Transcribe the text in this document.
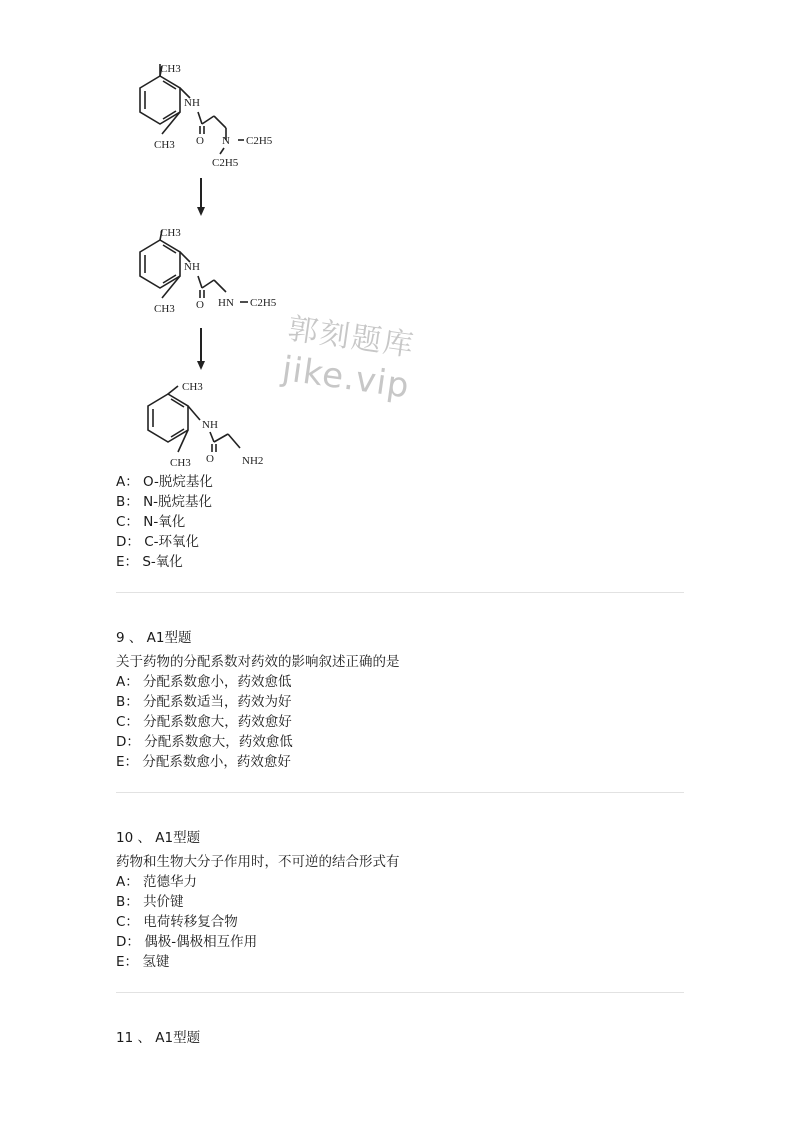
CH3
NH
O
CH3	N C2H5
C2H5
CH3
NH
O
CH3	HN C2H5
CH3
NH
O
CH3	NH2
郭刻题库
jike.vip
A： O-脱烷基化
B： N-脱烷基化
C： N-氧化
D： C-环氧化
E： S-氧化
9 、 A1型题
关于药物的分配系数对药效的影响叙述正确的是
A： 分配系数愈小，药效愈低
B： 分配系数适当，药效为好
C： 分配系数愈大，药效愈好
D： 分配系数愈大，药效愈低
E： 分配系数愈小，药效愈好
10 、 A1型题
药物和生物大分子作用时，不可逆的结合形式有
A： 范德华力
B： 共价键
C： 电荷转移复合物
D： 偶极-偶极相互作用
E： 氢键
11 、 A1型题
